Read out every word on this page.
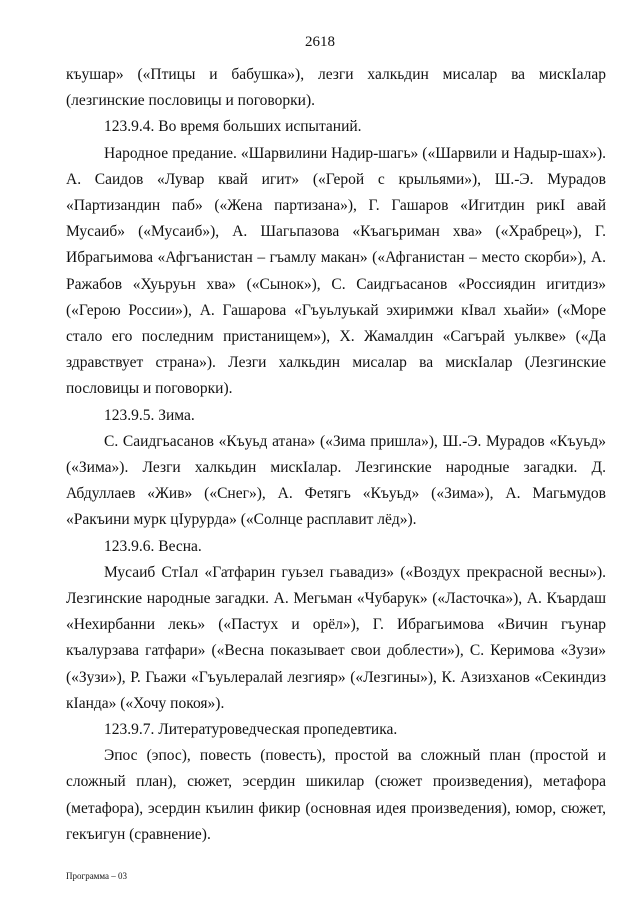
2618

къушар» («Птицы и бабушка»), лезги халкьдин мисалар ва мискIалар (лезгинские пословицы и поговорки).

123.9.4. Во время больших испытаний.

Народное предание. «Шарвилини Надир-шагь» («Шарвили и Надыр-шах»). А. Саидов «Лувар квай игит» («Герой с крыльями»), Ш.-Э. Мурадов «Партизандин паб» («Жена партизана»), Г. Гашаров «Игитдин рикI авай Мусаиб» («Мусаиб»), А. Шагьпазова «Къагьриман хва» («Храбрец»), Г. Ибрагьимова «Афгъанистан – гъамлу макан» («Афганистан – место скорби»), А. Ражабов «Хуьруьн хва» («Сынок»), С. Саидгьасанов «Россиядин игитдиз» («Герою России»), А. Гашарова «Гъуьлуькай эхиримжи кIвал хьайи» («Море стало его последним пристанищем»), Х. Жамалдин «Сагърай уьлкве» («Да здравствует страна»). Лезги халкьдин мисалар ва мискIалар (Лезгинские пословицы и поговорки).

123.9.5. Зима.

С. Саидгьасанов «Къуьд атана» («Зима пришла»), Ш.-Э. Мурадов «Къуьд» («Зима»). Лезги халкьдин мискIалар. Лезгинские народные загадки. Д. Абдуллаев «Жив» («Снег»), А. Фетягь «Къуьд» («Зима»), А. Магьмудов «Ракъини мурк цIурурда» («Солнце расплавит лёд»).

123.9.6. Весна.

Мусаиб СтIал «Гатфарин гуьзел гьавадиз» («Воздух прекрасной весны»). Лезгинские народные загадки. А. Мегьман «Чубарук» («Ласточка»), А. Къардаш «Нехирбанни лекь» («Пастух и орёл»), Г. Ибрагьимова «Вичин гъунар къалурзава гатфари» («Весна показывает свои доблести»), С. Керимова «Зузи» («Зузи»), Р. Гьажи «Гъуьлералай лезгияр» («Лезгины»), К. Азизханов «Секиндиз кIанда» («Хочу покоя»).

123.9.7. Литературоведческая пропедевтика.

Эпос (эпос), повесть (повесть), простой ва сложный план (простой и сложный план), сюжет, эсердин шикилар (сюжет произведения), метафора (метафора), эсердин къилин фикир (основная идея произведения), юмор, сюжет, гекъигун (сравнение).

Программа – 03
